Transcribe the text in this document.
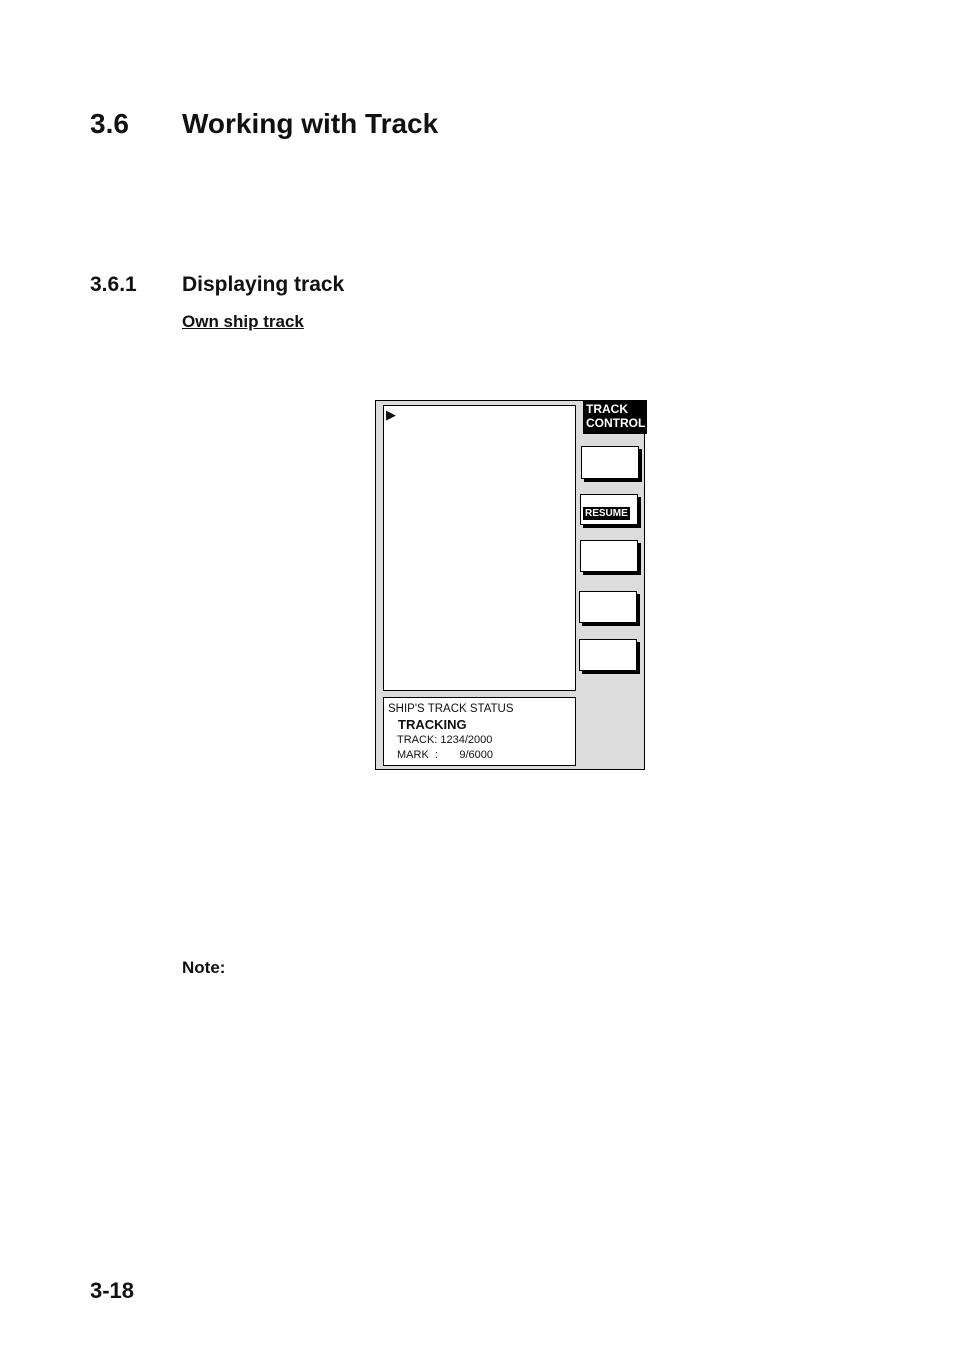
3.6 Working with Track
3.6.1 Displaying track
Own ship track
▶
SHIP'S TRACK STATUS
TRACKING
TRACK: 1234/2000
MARK  :       9/6000
TRACK
CONTROL
RESUME
Note:
3-18
